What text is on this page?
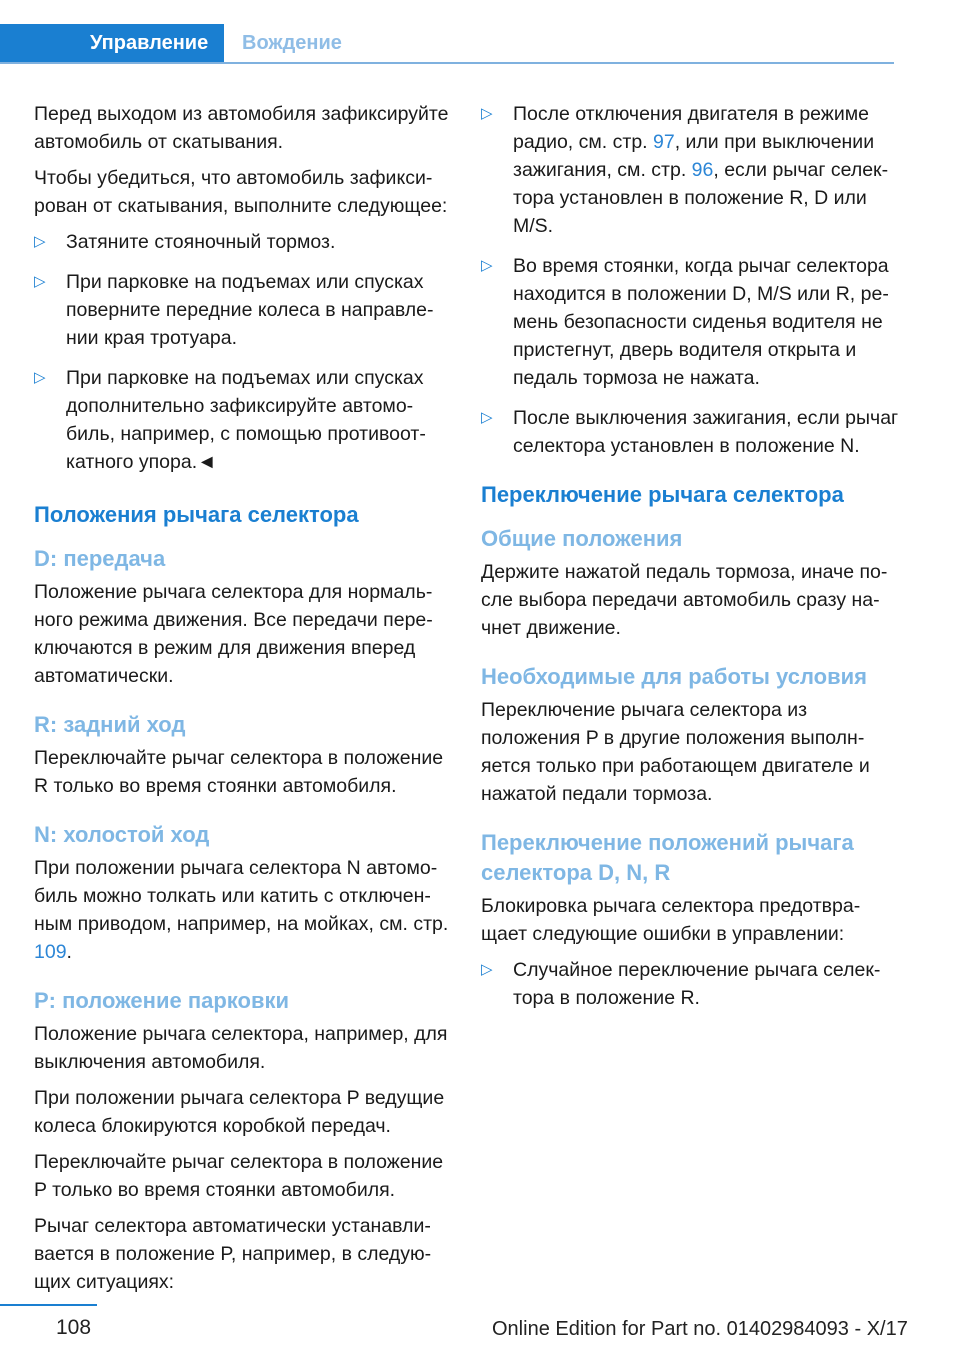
Управление	Вождение

Перед выходом из автомобиля зафиксируйте автомобиль от скатывания.

Чтобы убедиться, что автомобиль зафиксирован от скатывания, выполните следующее:

▷ Затяните стояночный тормоз.
▷ При парковке на подъемах или спусках поверните передние колеса в направлении края тротуара.
▷ При парковке на подъемах или спусках дополнительно зафиксируйте автомобиль, например, с помощью противооткатного упора.◄
Положения рычага селектора
D: передача

Положение рычага селектора для нормального режима движения. Все передачи переключаются в режим для движения вперед автоматически.

R: задний ход

Переключайте рычаг селектора в положение R только во время стоянки автомобиля.

N: холостой ход

При положении рычага селектора N автомобиль можно толкать или катить с отключенным приводом, например, на мойках, см. стр. 109.

P: положение парковки

Положение рычага селектора, например, для выключения автомобиля.

При положении рычага селектора P ведущие колеса блокируются коробкой передач.

Переключайте рычаг селектора в положение P только во время стоянки автомобиля.

Рычаг селектора автоматически устанавливается в положение P, например, в следующих ситуациях:

▷ После отключения двигателя в режиме радио, см. стр. 97, или при выключении зажигания, см. стр. 96, если рычаг селектора установлен в положение R, D или M/S.
▷ Во время стоянки, когда рычаг селектора находится в положении D, M/S или R, ремень безопасности сиденья водителя не пристегнут, дверь водителя открыта и педаль тормоза не нажата.
▷ После выключения зажигания, если рычаг селектора установлен в положение N.
Переключение рычага селектора
Общие положения

Держите нажатой педаль тормоза, иначе после выбора передачи автомобиль сразу начнет движение.

Необходимые для работы условия

Переключение рычага селектора из положения P в другие положения выполняется только при работающем двигателе и нажатой педали тормоза.

Переключение положений рычага селектора D, N, R

Блокировка рычага селектора предотвращает следующие ошибки в управлении:

▷ Случайное переключение рычага селектора в положение R.
108	Online Edition for Part no. 01402984093 - X/17
